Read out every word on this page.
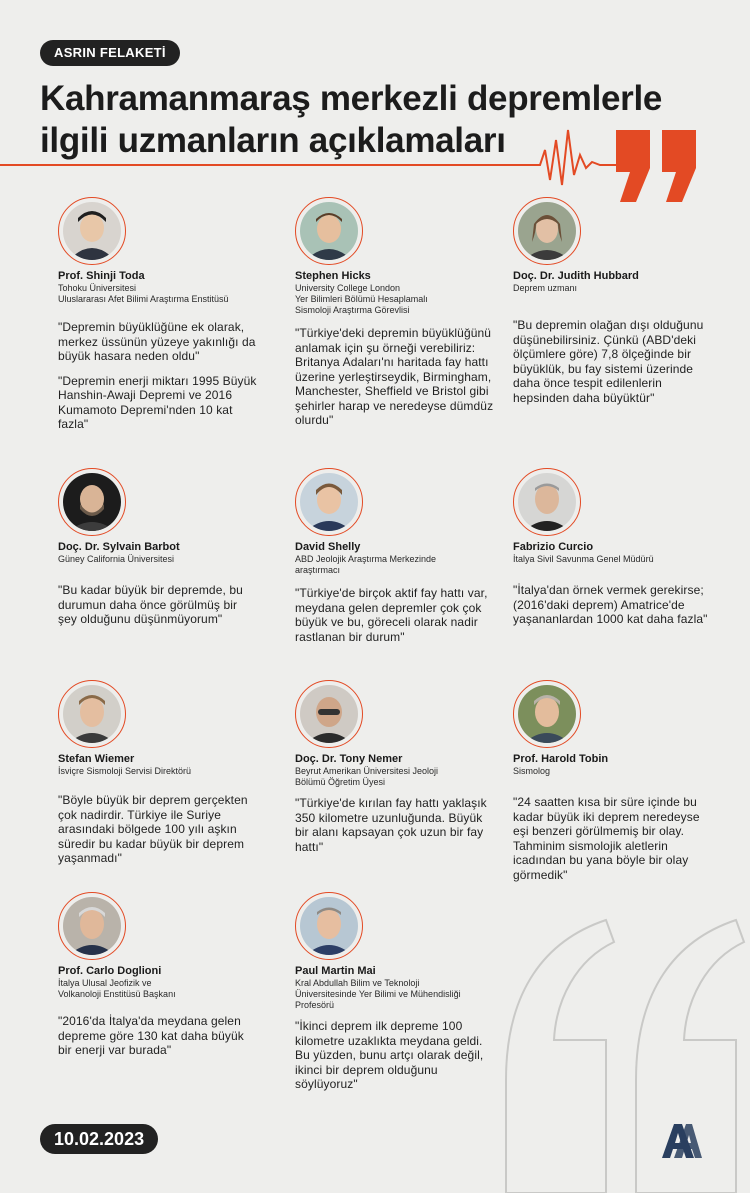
ASRIN FELAKETİ
Kahramanmaraş merkezli depremlerle
ilgili uzmanların açıklamaları
Prof. Shinji Toda
Tohoku Üniversitesi
Uluslararası Afet Bilimi Araştırma Enstitüsü
"Depremin büyüklüğüne ek olarak, merkez üssünün yüzeye yakınlığı da büyük hasara neden oldu"
"Depremin enerji miktarı 1995 Büyük Hanshin-Awaji Depremi ve 2016 Kumamoto Depremi'nden 10 kat fazla"
Stephen Hicks
University College London
Yer Bilimleri Bölümü Hesaplamalı
Sismoloji Araştırma Görevlisi
"Türkiye'deki depremin büyüklüğünü anlamak için şu örneği verebiliriz: Britanya Adaları'nı haritada fay hattı üzerine yerleştirseydik, Birmingham, Manchester, Sheffield ve Bristol gibi şehirler harap ve neredeyse dümdüz olurdu"
Doç. Dr. Judith Hubbard
Deprem uzmanı
"Bu depremin olağan dışı olduğunu düşünebilirsiniz. Çünkü (ABD'deki ölçümlere göre) 7,8 ölçeğinde bir büyüklük, bu fay sistemi üzerinde daha önce tespit edilenlerin hepsinden daha büyüktür"
Doç. Dr. Sylvain Barbot
Güney California Üniversitesi
"Bu kadar büyük bir depremde, bu durumun daha önce görülmüş bir şey olduğunu düşünmüyorum"
David Shelly
ABD Jeolojik Araştırma Merkezinde
araştırmacı
"Türkiye'de birçok aktif fay hattı var, meydana gelen depremler çok çok büyük ve bu, göreceli olarak nadir rastlanan bir durum"
Fabrizio Curcio
İtalya Sivil Savunma Genel Müdürü
"İtalya'dan örnek vermek gerekirse; (2016'daki deprem) Amatrice'de yaşananlardan 1000 kat daha fazla"
Stefan Wiemer
İsviçre Sismoloji Servisi Direktörü
"Böyle büyük bir deprem gerçekten çok nadirdir. Türkiye ile Suriye arasındaki bölgede 100 yılı aşkın süredir bu kadar büyük bir deprem yaşanmadı"
Doç. Dr. Tony Nemer
Beyrut Amerikan Üniversitesi Jeoloji
Bölümü Öğretim Üyesi
"Türkiye'de kırılan fay hattı yaklaşık 350 kilometre uzunluğunda. Büyük bir alanı kapsayan çok uzun bir fay hattı"
Prof. Harold Tobin
Sismolog
"24 saatten kısa bir süre içinde bu kadar büyük iki deprem neredeyse eşi benzeri görülmemiş bir olay. Tahminim sismolojik aletlerin icadından bu yana böyle bir olay görmedik"
Prof. Carlo Doglioni
İtalya Ulusal Jeofizik ve
Volkanoloji Enstitüsü Başkanı
"2016'da İtalya'da meydana gelen depreme göre 130 kat daha büyük bir enerji var burada"
Paul Martin Mai
Kral Abdullah Bilim ve Teknoloji
Üniversitesinde Yer Bilimi ve Mühendisliği
Profesörü
"İkinci deprem ilk depreme 100 kilometre uzaklıkta meydana geldi. Bu yüzden, bunu artçı olarak değil, ikinci bir deprem olduğunu söylüyoruz"
10.02.2023
